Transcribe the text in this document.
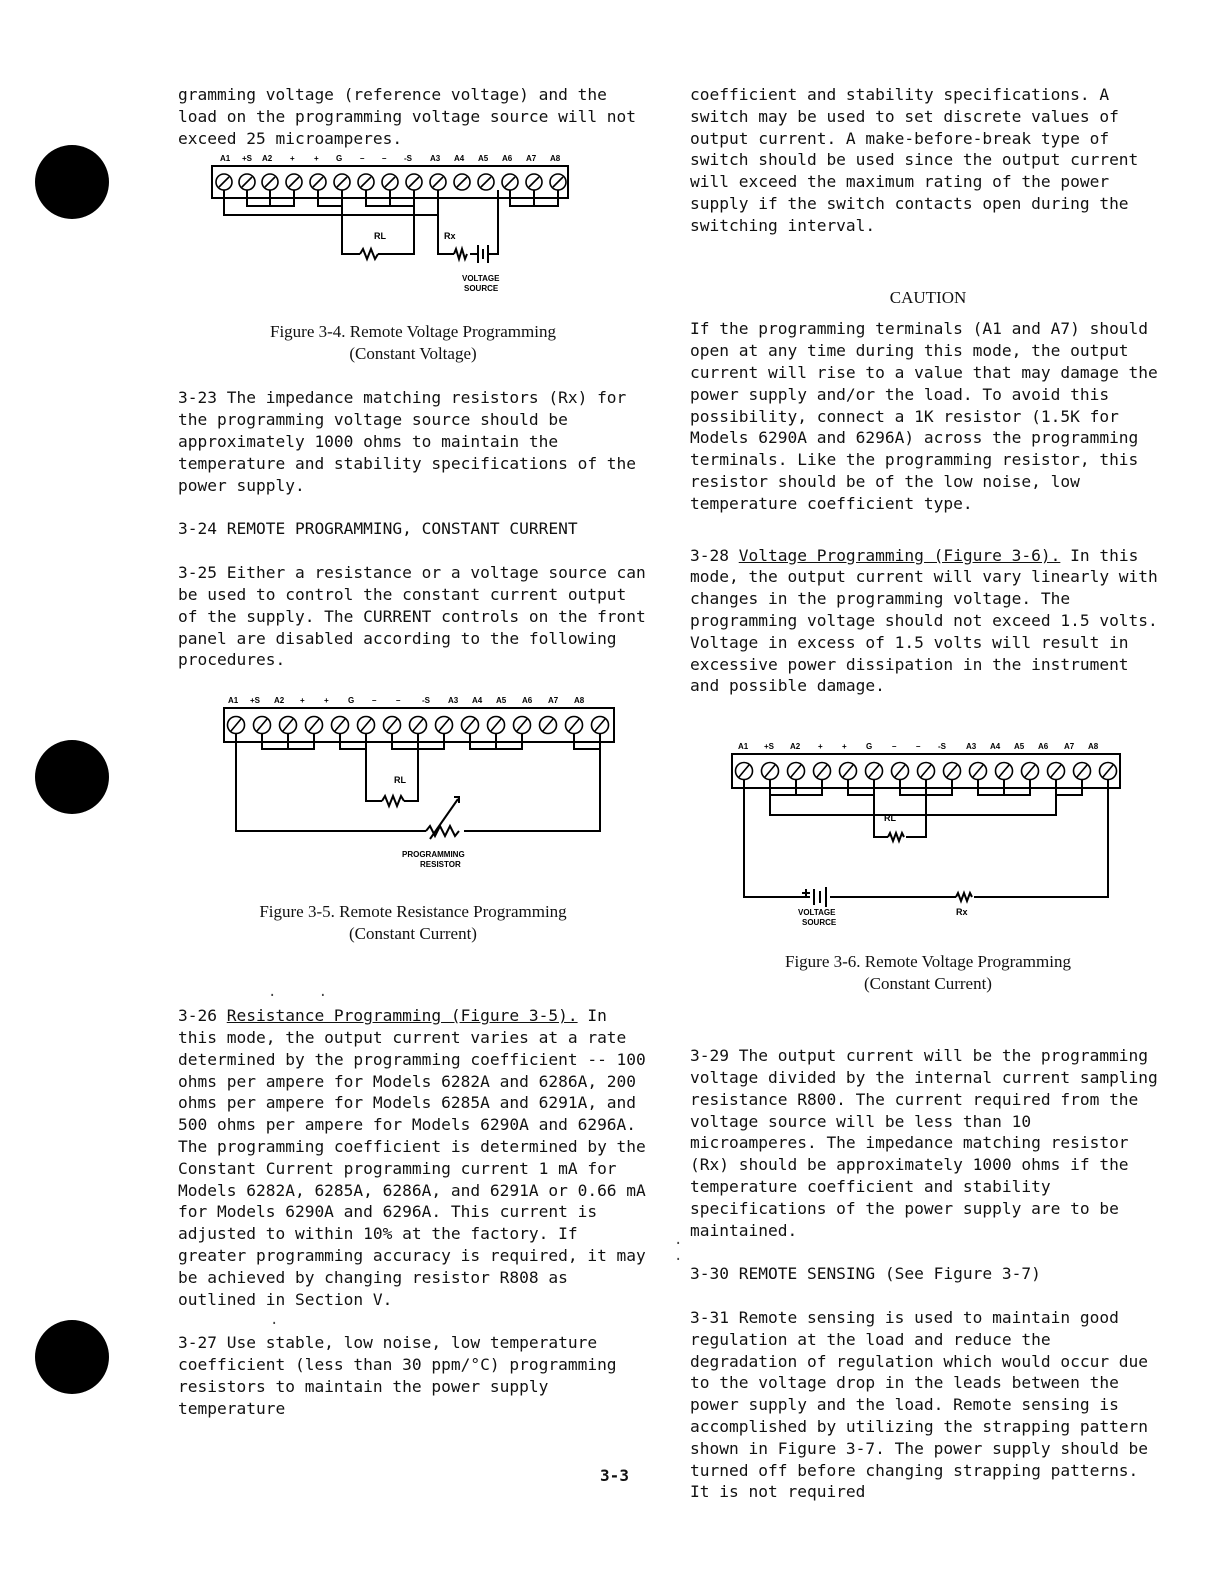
gramming voltage (reference voltage) and the load on the programming voltage source will not exceed 25 microamperes.

A1 +S A2 + + G – – -S A3 A4 A5 A6 A7 A8
RL	Rx
VOLTAGE
SOURCE

Figure 3-4. Remote Voltage Programming

(Constant Voltage)

3-23 The impedance matching resistors (Rx) for the programming voltage source should be approximately 1000 ohms to maintain the temperature and stability specifications of the power supply.

3-24 REMOTE PROGRAMMING, CONSTANT CURRENT

3-25 Either a resistance or a voltage source can be used to control the constant current output of the supply. The CURRENT controls on the front panel are disabled according to the following procedures.

A1 +S A2 + + G – –	-S A3 A4 A5 A6 A7 A8
RL
PROGRAMMING
RESISTOR

Figure 3-5. Remote Resistance Programming

(Constant Current)

3-26 Resistance Programming (Figure 3-5). In this mode, the output current varies at a rate determined by the programming coefficient -- 100 ohms per ampere for Models 6282A and 6286A, 200 ohms per ampere for Models 6285A and 6291A, and 500 ohms per ampere for Models 6290A and 6296A. The programming coefficient is determined by the Constant Current programming current 1 mA for Models 6282A, 6285A, 6286A, and 6291A or 0.66 mA for Models 6290A and 6296A. This current is adjusted to within 10% at the factory. If greater programming accuracy is required, it may be achieved by changing resistor R808 as outlined in Section V.

3-27 Use stable, low noise, low temperature coefficient (less than 30 ppm/°C) programming resistors to maintain the power supply temperature

coefficient and stability specifications. A switch may be used to set discrete values of output current. A make-before-break type of switch should be used since the output current will exceed the maximum rating of the power supply if the switch contacts open during the switching interval.

CAUTION

If the programming terminals (A1 and A7) should open at any time during this mode, the output current will rise to a value that may damage the power supply and/or the load. To avoid this possibility, connect a 1K resistor (1.5K for Models 6290A and 6296A) across the programming terminals. Like the programming resistor, this resistor should be of the low noise, low temperature coefficient type.

3-28 Voltage Programming (Figure 3-6). In this mode, the output current will vary linearly with changes in the programming voltage. The programming voltage should not exceed 1.5 volts. Voltage in excess of 1.5 volts will result in excessive power dissipation in the instrument and possible damage.

A1 +S A2 + + G – – -S	A3 A4 A5 A6 A7 A8
RL
Rx
VOLTAGE
SOURCE

Figure 3-6. Remote Voltage Programming

(Constant Current)

3-29 The output current will be the programming voltage divided by the internal current sampling resistance R800. The current required from the voltage source will be less than 10 microamperes. The impedance matching resistor (Rx) should be approximately 1000 ohms if the temperature coefficient and stability specifications of the power supply are to be maintained.

3-30 REMOTE SENSING (See Figure 3-7)

3-31 Remote sensing is used to maintain good regulation at the load and reduce the degradation of regulation which would occur due to the voltage drop in the leads between the power supply and the load. Remote sensing is accomplished by utilizing the strapping pattern shown in Figure 3-7. The power supply should be turned off before changing strapping patterns. It is not required

·
·
·     ·
·
3-3
